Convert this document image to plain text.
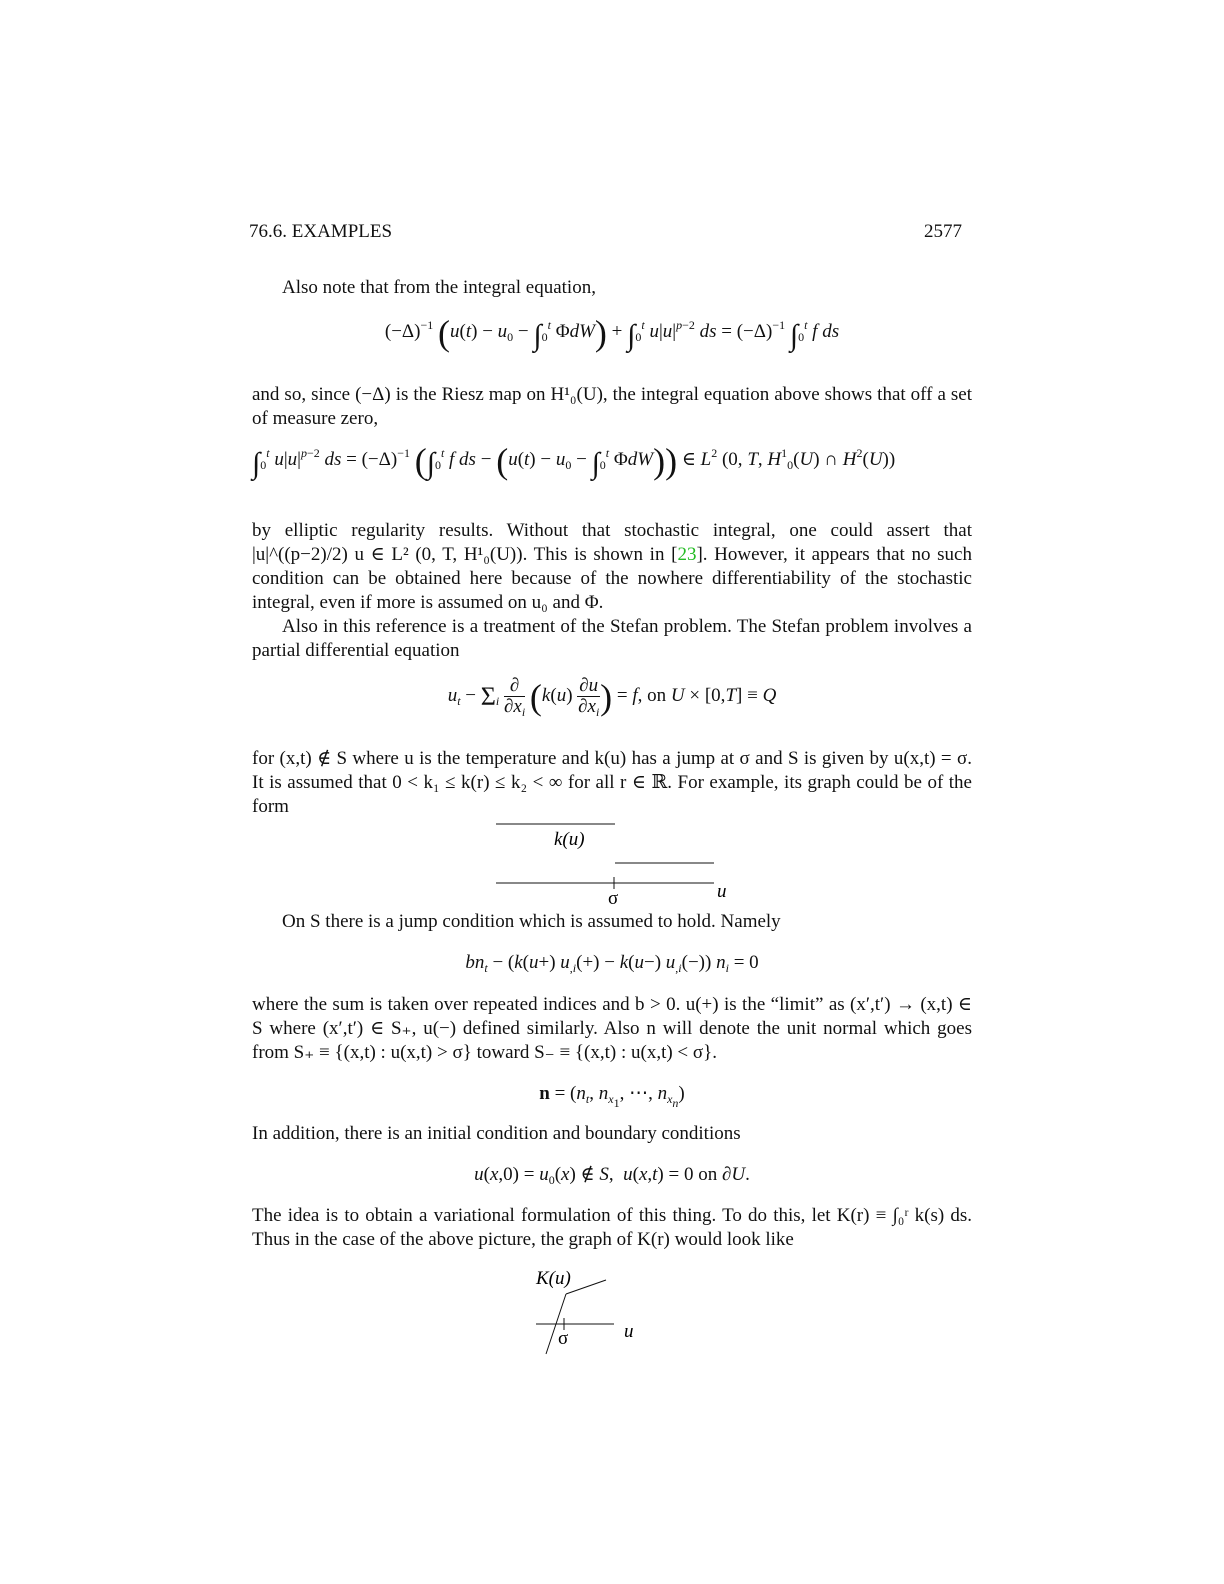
76.6. EXAMPLES	2577
Also note that from the integral equation,
$(-\Delta)^{-1}$ ($u(t) - u_0 - \int_0^t$ $\Phi dW) + \int_0^t$ $u|u|^{p-2}$ ds = $(-\Delta)^{-1}$ $\int_0^t$ f ds
and so, since (−Δ) is the Riesz map on H¹₀(U), the integral equation above shows that off a set of measure zero,
$\int_0^t$ $u|u|^{p-2}$ ds = $(-\Delta)^{-1}$ ($\int_0^t$ f ds − ($u(t) - u_0 - \int_0^t$ ΦdW)) ∈ $L^2$ (0, T, $H^1_0(U)$ ∩ $H^2(U)$)
by elliptic regularity results. Without that stochastic integral, one could assert that |u|^((p−2)/2) u ∈ L² (0, T, H¹₀(U)). This is shown in [23]. However, it appears that no such condition can be obtained here because of the nowhere differentiability of the stochastic integral, even if more is assumed on u₀ and Φ.
Also in this reference is a treatment of the Stefan problem. The Stefan problem involves a partial differential equation
$u_t - \Sigma_i$
∂
$\partial x_i$ ($k(u) \frac{\partial u}{\partial x_i}$ ) = f, on U × [0,T] ≡ Q
for (x,t) ∉ S where u is the temperature and k(u) has a jump at σ and S is given by u(x,t) = σ. It is assumed that 0 < k₁ ≤ k(r) ≤ k₂ < ∞ for all r ∈ ℝ. For example, its graph could be of the form
k(u)
σ	u
On S there is a jump condition which is assumed to hold. Namely
$bn_t - (k(u+) u_{,i}(+) - k(u-)$ $u_{,i}(-)$) $n_i = 0$
where the sum is taken over repeated indices and b > 0. u(+) is the “limit” as (x′,t′) → (x,t) ∈ S where (x′,t′) ∈ S₊, u(−) defined similarly. Also n will denote the unit normal which goes from S₊ ≡ {(x,t) : u(x,t) > σ} toward S₋ ≡ {(x,t) : u(x,t) < σ}.
$n = (n_t$, $n_{x_1}$, ⋯, $n_{x_n}$)
In addition, there is an initial condition and boundary conditions
$u(x,0) = u_0(x)$ ∉ S,  u(x,t) = 0 on ∂U.
The idea is to obtain a variational formulation of this thing. To do this, let K(r) ≡ ∫₀ʳ k(s) ds. Thus in the case of the above picture, the graph of K(r) would look like
K(u)
σ	u
